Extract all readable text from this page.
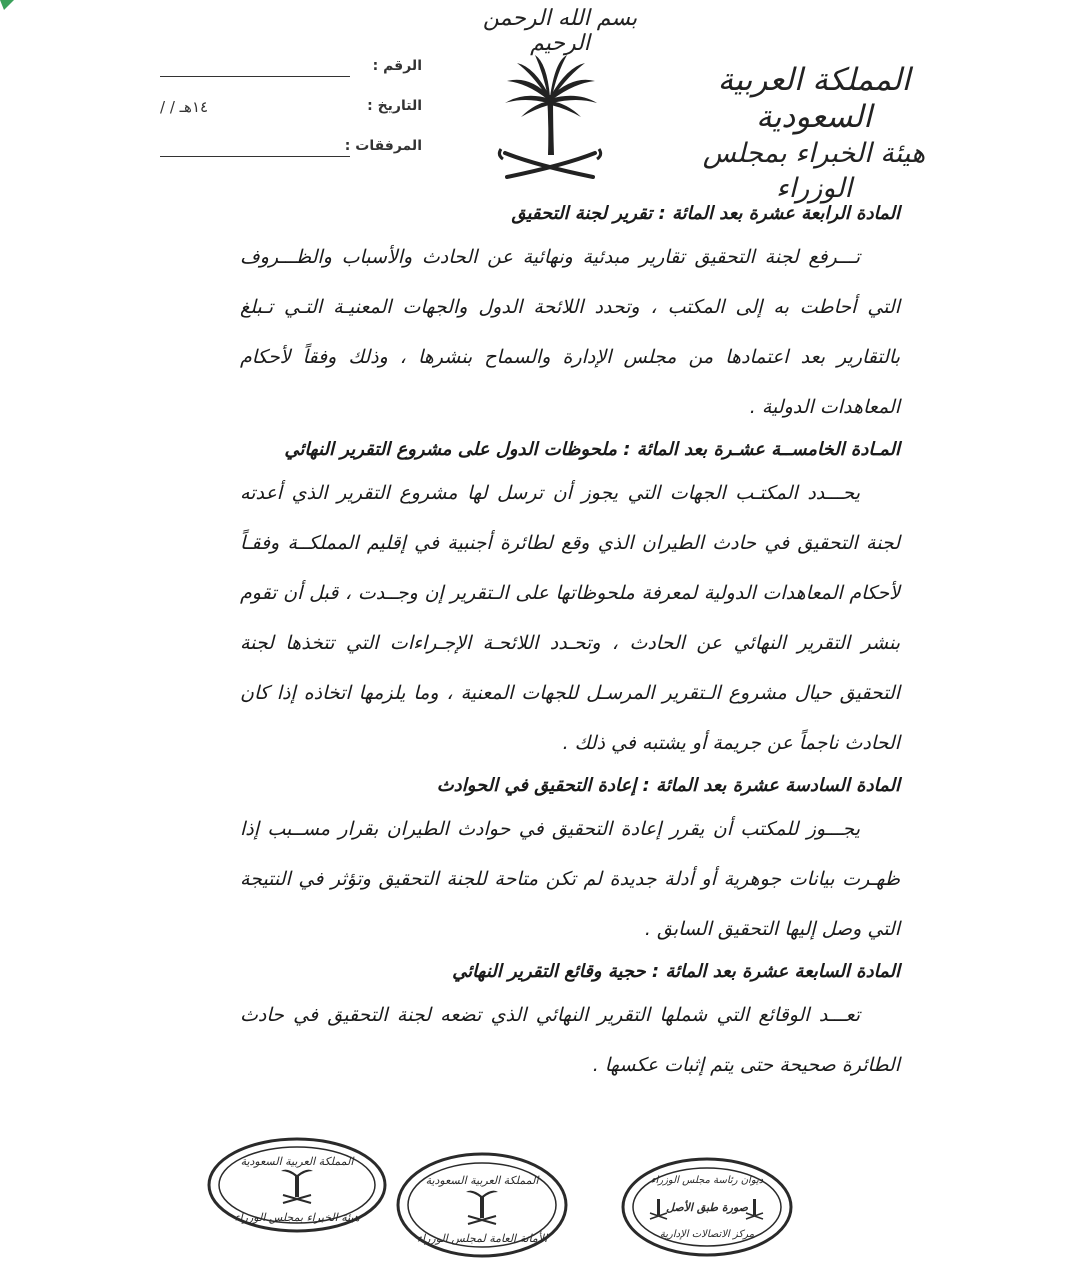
بسم الله الرحمن الرحيم
المملكة العربية السعودية
هيئة الخبراء بمجلس الوزراء
الرقم :
التاريخ :
/ / ١٤هـ
المرفقات :
المادة الرابعة عشرة بعد المائة : تقرير لجنة التحقيق

تـــرفع لجنة التحقيق تقارير مبدئية ونهائية عن الحادث والأسباب والظـــروف التي أحاطت به إلى المكتب ، وتحدد اللائحة الدول والجهات المعنيـة التـي تـبلغ بالتقارير بعد اعتمادها من مجلس الإدارة والسماح بنشرها ، وذلك وفقاً لأحكام المعاهدات الدولية .

المـادة الخامســة عشـرة بعد المائة : ملحوظات الدول على مشروع التقرير النهائي

يحـــدد المكتـب الجهات التي يجوز أن ترسل لها مشروع التقرير الذي أعدته لجنة التحقيق في حادث الطيران الذي وقع لطائرة أجنبية في إقليم المملكــة وفقـاً لأحكام المعاهدات الدولية لمعرفة ملحوظاتها على الـتقرير إن وجــدت ، قبل أن تقوم بنشر التقرير النهائي عن الحادث ، وتحـدد اللائحـة الإجـراءات التي تتخذها لجنة التحقيق حيال مشروع الـتقرير المرسـل للجهات المعنية ، وما يلزمها اتخاذه إذا كان الحادث ناجماً عن جريمة أو يشتبه في ذلك .

المادة السادسة عشرة بعد المائة : إعادة التحقيق في الحوادث

يجـــوز للمكتب أن يقرر إعادة التحقيق في حوادث الطيران بقرار مســبب إذا ظهـرت بيانات جوهرية أو أدلة جديدة لم تكن متاحة للجنة التحقيق وتؤثر في النتيجة التي وصل إليها التحقيق السابق .

المادة السابعة عشرة بعد المائة : حجية وقائع التقرير النهائي

تعـــد الوقائع التي شملها التقرير النهائي الذي تضعه لجنة التحقيق في حادث الطائرة صحيحة حتى يتم إثبات عكسها .

المملكة العربية السعودية
هيئة الخبراء بمجلس الوزراء
المملكة العربية السعودية
الأمانة العامة لمجلس الوزراء
ديوان رئاسة مجلس الوزراء
صورة طبق الأصل
مركز الاتصالات الإدارية
